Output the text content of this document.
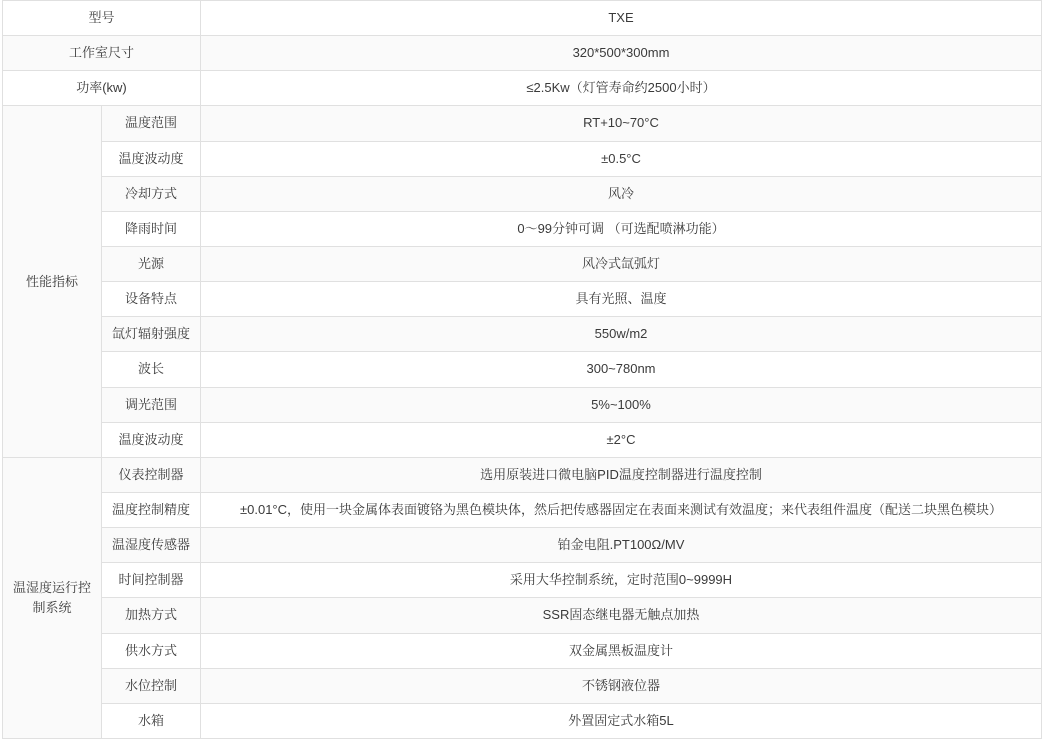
型号		TXE
工作室尺寸		320*500*300mm
功率(kw)		≤2.5Kw（灯管寿命约2500小时）
性能指标	温度范围	RT+10~70°C
	温度波动度	±0.5°C
	冷却方式	风冷
	降雨时间	0～99分钟可调 （可选配喷淋功能）
	光源	风冷式氙弧灯
	设备特点	具有光照、温度
	氙灯辐射强度	550w/m2
	波长	300~780nm
	调光范围	5%~100%
	温度波动度	±2°C
温湿度运行控制系统	仪表控制器	选用原装进口微电脑PID温度控制器进行温度控制
	温度控制精度	±0.01°C，使用一块金属体表面镀铬为黑色模块体，然后把传感器固定在表面来测试有效温度；来代表组件温度（配送二块黑色模块）
	温湿度传感器	铂金电阻.PT100Ω/MV
	时间控制器	采用大华控制系统，定时范围0~9999H
	加热方式	SSR固态继电器无触点加热
	供水方式	双金属黑板温度计
	水位控制	不锈钢液位器
	水箱	外置固定式水箱5L
